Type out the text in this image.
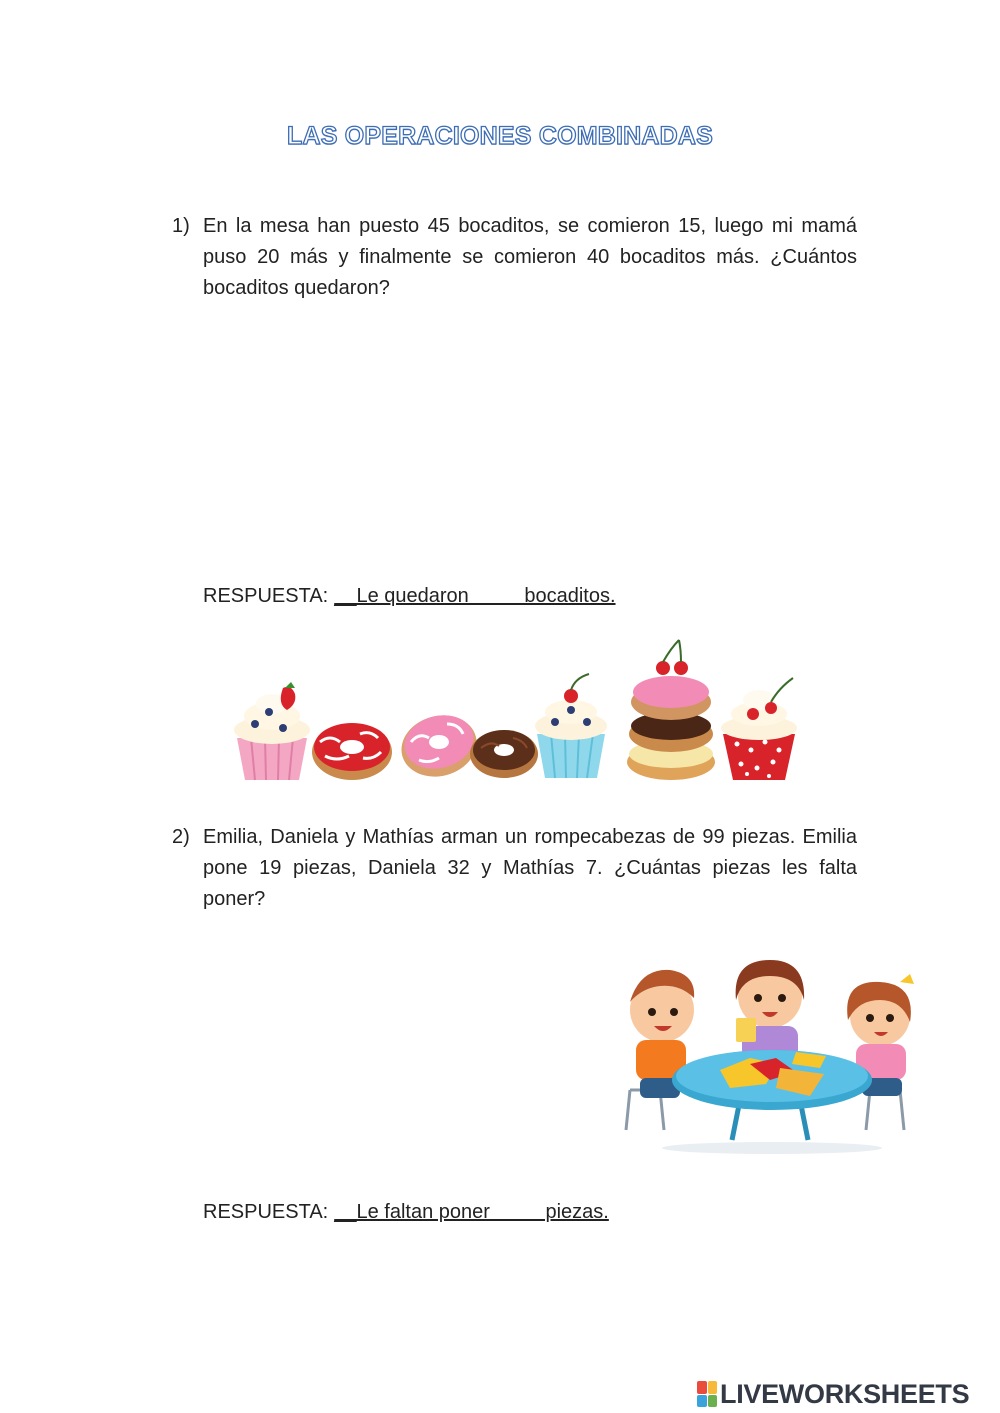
LAS OPERACIONES COMBINADAS
1) En la mesa han puesto 45 bocaditos, se comieron 15, luego mi mamá puso 20 más y finalmente se comieron 40 bocaditos más. ¿Cuántos bocaditos quedaron?
RESPUESTA: __Le quedaron          bocaditos.
2) Emilia, Daniela y Mathías arman un rompecabezas de 99 piezas. Emilia pone 19 piezas, Daniela 32 y Mathías 7. ¿Cuántas piezas les falta poner?
RESPUESTA: __Le faltan poner          piezas.
LIVEWORKSHEETS
